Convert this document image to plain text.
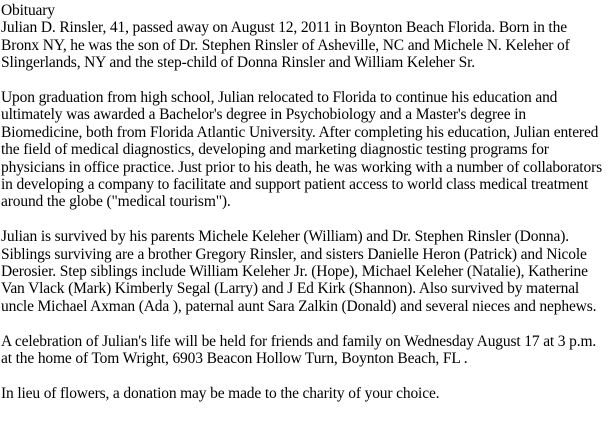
Obituary

Julian D. Rinsler, 41, passed away on August 12, 2011 in Boynton Beach Florida. Born in the Bronx NY, he was the son of Dr. Stephen Rinsler of Asheville, NC and Michele N. Keleher of Slingerlands, NY and the step-child of Donna Rinsler and William Keleher Sr.

Upon graduation from high school, Julian relocated to Florida to continue his education and ultimately was awarded a Bachelor's degree in Psychobiology and a Master's degree in Biomedicine, both from Florida Atlantic University. After completing his education, Julian entered the field of medical diagnostics, developing and marketing diagnostic testing programs for physicians in office practice. Just prior to his death, he was working with a number of collaborators in developing a company to facilitate and support patient access to world class medical treatment around the globe ("medical tourism").

Julian is survived by his parents Michele Keleher (William) and Dr. Stephen Rinsler (Donna). Siblings surviving are a brother Gregory Rinsler, and sisters Danielle Heron (Patrick) and Nicole Derosier. Step siblings include William Keleher Jr. (Hope), Michael Keleher (Natalie), Katherine Van Vlack (Mark) Kimberly Segal (Larry) and J Ed Kirk (Shannon). Also survived by maternal uncle Michael Axman (Ada ), paternal aunt Sara Zalkin (Donald) and several nieces and nephews.

A celebration of Julian's life will be held for friends and family on Wednesday August 17 at 3 p.m. at the home of Tom Wright, 6903 Beacon Hollow Turn, Boynton Beach, FL .

In lieu of flowers, a donation may be made to the charity of your choice.
